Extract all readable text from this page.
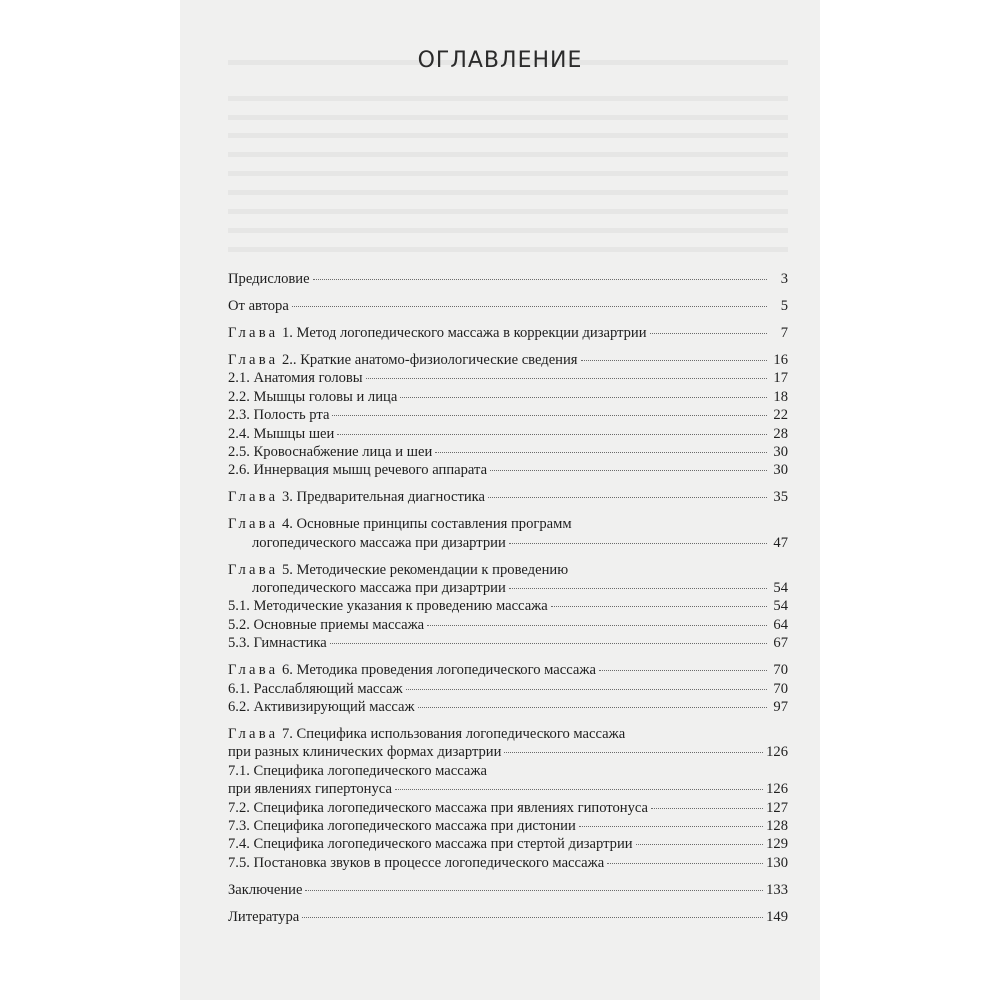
ОГЛАВЛЕНИЕ
Предисловие	3
От автора	5
Глава 1. Метод логопедического массажа в коррекции дизартрии	7
Глава 2.. Краткие анатомо-физиологические сведения	16
2.1. Анатомия головы	17
2.2. Мышцы головы и лица	18
2.3. Полость рта	22
2.4. Мышцы шеи	28
2.5. Кровоснабжение лица и шеи	30
2.6. Иннервация мышц речевого аппарата	30
Глава 3. Предварительная диагностика	35
Глава 4. Основные принципы составления программ
логопедического массажа при дизартрии	47
Глава 5. Методические рекомендации к проведению
логопедического массажа при дизартрии	54
5.1. Методические указания к проведению массажа	54
5.2. Основные приемы массажа	64
5.3. Гимнастика	67
Глава 6. Методика проведения логопедического массажа	70
6.1. Расслабляющий массаж	70
6.2. Активизирующий массаж	97
Глава 7. Специфика использования логопедического массажа
при разных клинических формах дизартрии	126
7.1. Специфика логопедического массажа
при явлениях гипертонуса	126
7.2. Специфика логопедического массажа при явлениях гипотонуса	127
7.3. Специфика логопедического массажа при дистонии	128
7.4. Специфика логопедического массажа при стертой дизартрии	129
7.5. Постановка звуков в процессе логопедического массажа	130
Заключение	133
Литература	149
